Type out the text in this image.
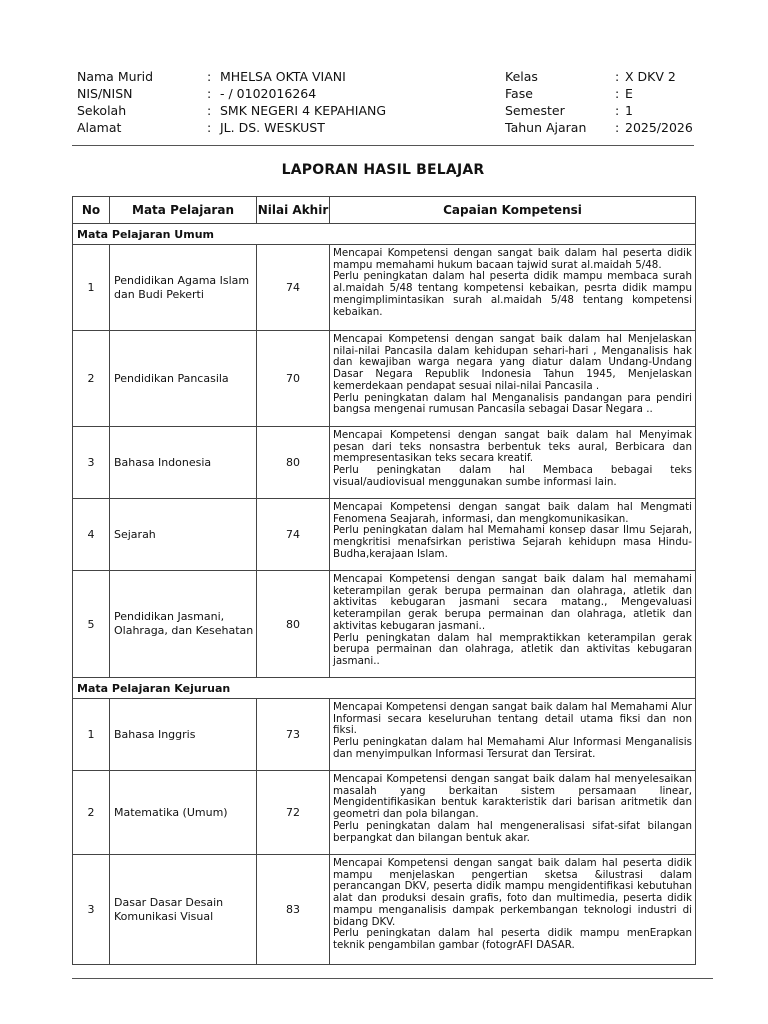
Nama Murid	: MHELSA OKTA VIANI
NIS/NISN	: - / 0102016264
Sekolah	: SMK NEGERI 4 KEPAHIANG
Alamat	: JL. DS. WESKUST
Kelas	: X DKV 2
Fase	: E
Semester	: 1
Tahun Ajaran : 2025/2026
LAPORAN HASIL BELAJAR
No	Mata Pelajaran	Nilai Akhir	Capaian Kompetensi
Mata Pelajaran Umum			
1	Pendidikan Agama Islam dan Budi Pekerti	74	Mencapai Kompetensi dengan sangat baik dalam hal peserta didik mampu memahami hukum bacaan tajwid surat al.maidah 5/48.
Perlu peningkatan dalam hal peserta didik mampu membaca surah al.maidah 5/48 tentang kompetensi kebaikan, pesrta didik mampu mengimplimintasikan surah al.maidah 5/48 tentang kompetensi kebaikan.

2	Pendidikan Pancasila	70	Mencapai Kompetensi dengan sangat baik dalam hal Menjelaskan nilai-nilai Pancasila dalam kehidupan sehari-hari , Menganalisis hak dan kewajiban warga negara yang diatur dalam Undang-Undang Dasar Negara Republik Indonesia Tahun 1945, Menjelaskan kemerdekaan pendapat sesuai nilai-nilai Pancasila .
Perlu peningkatan dalam hal Menganalisis pandangan para pendiri bangsa mengenai rumusan Pancasila sebagai Dasar Negara ..

3	Bahasa Indonesia	80	Mencapai Kompetensi dengan sangat baik dalam hal Menyimak pesan dari teks nonsastra berbentuk teks aural, Berbicara dan mempresentasikan teks secara kreatif.
Perlu peningkatan dalam hal Membaca bebagai teks visual/audiovisual menggunakan sumbe informasi lain.

4	Sejarah	74	Mencapai Kompetensi dengan sangat baik dalam hal Mengmati Fenomena Seajarah, informasi, dan mengkomunikasikan.
Perlu peningkatan dalam hal Memahami konsep dasar Ilmu Sejarah, mengkritisi menafsirkan peristiwa Sejarah kehidupn masa Hindu-Budha,kerajaan Islam.

5	Pendidikan Jasmani, Olahraga, dan Kesehatan	80	Mencapai Kompetensi dengan sangat baik dalam hal memahami keterampilan gerak berupa permainan dan olahraga, atletik dan aktivitas kebugaran jasmani secara matang., Mengevaluasi keterampilan gerak berupa permainan dan olahraga, atletik dan aktivitas kebugaran jasmani..
Perlu peningkatan dalam hal mempraktikkan keterampilan gerak berupa permainan dan olahraga, atletik dan aktivitas kebugaran jasmani..

Mata Pelajaran Kejuruan			
1	Bahasa Inggris	73	Mencapai Kompetensi dengan sangat baik dalam hal Memahami Alur Informasi secara keseluruhan tentang detail utama fiksi dan non fiksi.
Perlu peningkatan dalam hal Memahami Alur Informasi Menganalisis dan menyimpulkan Informasi Tersurat dan Tersirat.

2	Matematika (Umum)	72	Mencapai Kompetensi dengan sangat baik dalam hal menyelesaikan masalah yang berkaitan sistem persamaan linear, Mengidentifikasikan bentuk karakteristik dari barisan aritmetik dan geometri dan pola bilangan.
Perlu peningkatan dalam hal mengeneralisasi sifat-sifat bilangan berpangkat dan bilangan bentuk akar.

3	Dasar Dasar Desain Komunikasi Visual	83	Mencapai Kompetensi dengan sangat baik dalam hal peserta didik mampu menjelaskan pengertian sketsa &ilustrasi dalam perancangan DKV, peserta didik mampu mengidentifikasi kebutuhan alat dan produksi desain grafis, foto dan multimedia, peserta didik mampu menganalisis dampak perkembangan teknologi industri di bidang DKV.
Perlu peningkatan dalam hal peserta didik mampu menErapkan teknik pengambilan gambar (fotogrAFI DASAR.
